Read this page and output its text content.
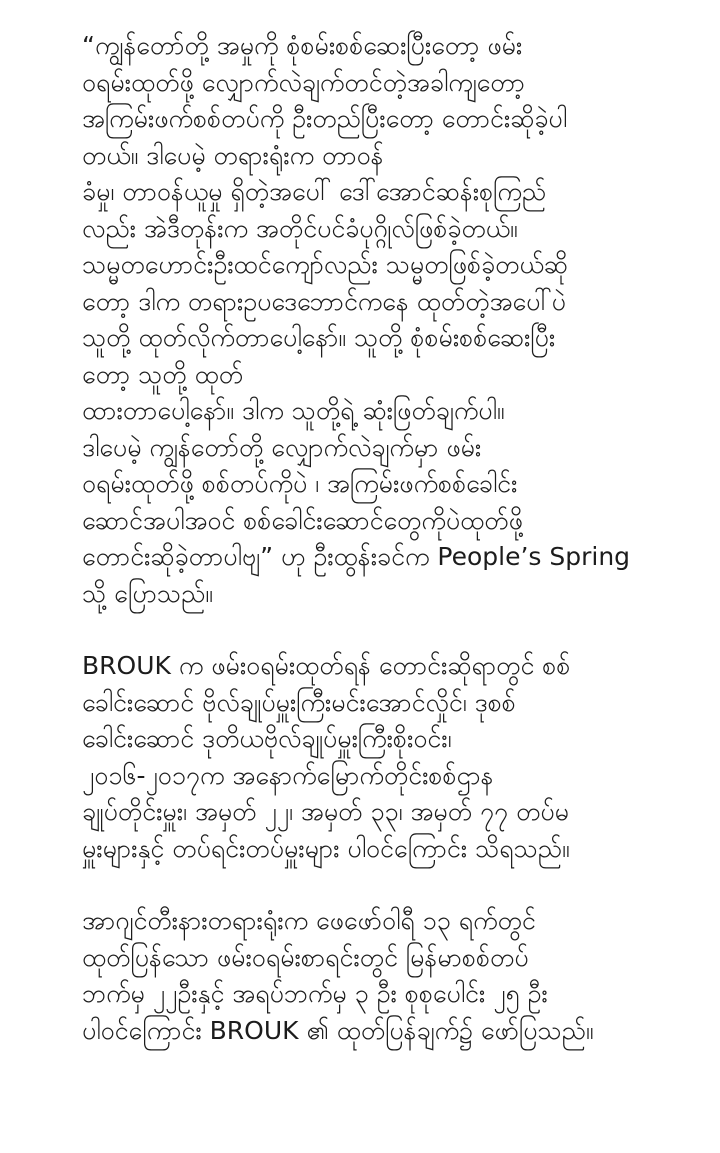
“ကျွန်တော်တို့ အမှုကို စုံစမ်းစစ်ဆေးပြီးတော့ ဖမ်း
ဝရမ်းထုတ်ဖို့ လျှောက်လဲချက်တင်တဲ့အခါကျတော့
အကြမ်းဖက်စစ်တပ်ကို ဦးတည်ပြီးတော့ တောင်းဆိုခဲ့ပါ
တယ်။ ဒါပေမဲ့ တရားရုံးက တာဝန်
ခံမှု၊ တာဝန်ယူမှု ရှိတဲ့အပေါ် ဒေါ်အောင်ဆန်းစုကြည်
လည်း အဲဒီတုန်းက အတိုင်ပင်ခံပုဂ္ဂိုလ်ဖြစ်ခဲ့တယ်။
သမ္မတဟောင်းဦးထင်ကျော်လည်း သမ္မတဖြစ်ခဲ့တယ်ဆို
တော့ ဒါက တရားဥပဒေဘောင်ကနေ ထုတ်တဲ့အပေါ်ပဲ
သူတို့ ထုတ်လိုက်တာပေါ့နော်။ သူတို့ စုံစမ်းစစ်ဆေးပြီး
တော့ သူတို့ ထုတ်
ထားတာပေါ့နော်။ ဒါက သူတို့ရဲ့ ဆုံးဖြတ်ချက်ပါ။
ဒါပေမဲ့ ကျွန်တော်တို့ လျှောက်လဲချက်မှာ ဖမ်း
ဝရမ်းထုတ်ဖို့ စစ်တပ်ကိုပဲ ၊ အကြမ်းဖက်စစ်ခေါင်း
ဆောင်အပါအဝင် စစ်ခေါင်းဆောင်တွေကိုပဲထုတ်ဖို့
တောင်းဆိုခဲ့တာပါဗျ” ဟု ဦးထွန်းခင်က People’s Spring
သို့ ပြောသည်။

BROUK က ဖမ်းဝရမ်းထုတ်ရန် တောင်းဆိုရာတွင် စစ်
ခေါင်းဆောင် ဗိုလ်ချုပ်မှူးကြီးမင်းအောင်လှိုင်၊ ဒုစစ်
ခေါင်းဆောင် ဒုတိယဗိုလ်ချုပ်မှူးကြီးစိုးဝင်း၊
၂၀၁၆-၂၀၁၇က အနောက်မြောက်တိုင်းစစ်ဌာန
ချုပ်တိုင်းမှူး၊ အမှတ် ၂၂၊ အမှတ် ၃၃၊ အမှတ် ၇၇ တပ်မ
မှူးများနှင့် တပ်ရင်းတပ်မှူးများ ပါဝင်ကြောင်း သိရသည်။

အာဂျင်တီးနားတရားရုံးက ဖေဖော်ဝါရီ ၁၃ ရက်တွင်
ထုတ်ပြန်သော ဖမ်းဝရမ်းစာရင်းတွင် မြန်မာစစ်တပ်
ဘက်မှ ၂၂ဦးနှင့် အရပ်ဘက်မှ ၃ ဦး စုစုပေါင်း ၂၅ ဦး
ပါဝင်ကြောင်း BROUK ၏ ထုတ်ပြန်ချက်၌ ဖော်ပြသည်။
